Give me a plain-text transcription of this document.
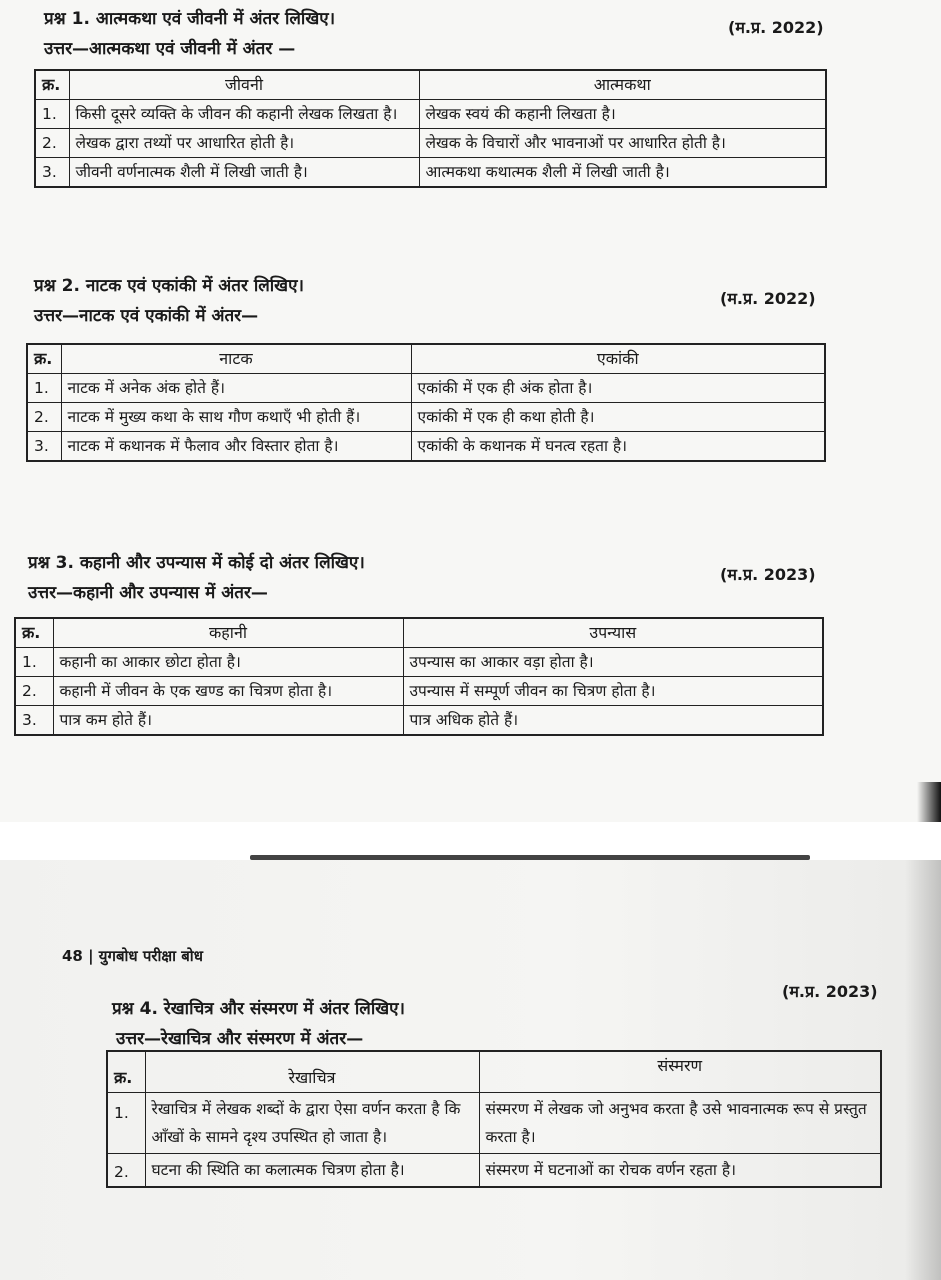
प्रश्न 1. आत्मकथा एवं जीवनी में अंतर लिखिए।	(म.प्र. 2022)
उत्तर—आत्मकथा एवं जीवनी में अंतर —
क्र.	जीवनी	आत्मकथा
1.	किसी दूसरे व्यक्ति के जीवन की कहानी लेखक लिखता है।	लेखक स्वयं की कहानी लिखता है।
2.	लेखक द्वारा तथ्यों पर आधारित होती है।	लेखक के विचारों और भावनाओं पर आधारित होती है।
3.	जीवनी वर्णनात्मक शैली में लिखी जाती है।	आत्मकथा कथात्मक शैली में लिखी जाती है।
प्रश्न 2. नाटक एवं एकांकी में अंतर लिखिए।
(म.प्र. 2022)
उत्तर—नाटक एवं एकांकी में अंतर—
क्र.	नाटक	एकांकी
1.	नाटक में अनेक अंक होते हैं।	एकांकी में एक ही अंक होता है।
2.	नाटक में मुख्य कथा के साथ गौण कथाएँ भी होती हैं।	एकांकी में एक ही कथा होती है।
3.	नाटक में कथानक में फैलाव और विस्तार होता है।	एकांकी के कथानक में घनत्व रहता है।
प्रश्न 3. कहानी और उपन्यास में कोई दो अंतर लिखिए।
(म.प्र. 2023)
उत्तर—कहानी और उपन्यास में अंतर—
क्र.	कहानी	उपन्यास
1.	कहानी का आकार छोटा होता है।	उपन्यास का आकार वड़ा होता है।
2.	कहानी में जीवन के एक खण्ड का चित्रण होता है।	उपन्यास में सम्पूर्ण जीवन का चित्रण होता है।
3.	पात्र कम होते हैं।	पात्र अधिक होते हैं।
48 | युगबोध परीक्षा बोध
(म.प्र. 2023)
प्रश्न 4. रेखाचित्र और संस्मरण में अंतर लिखिए।
उत्तर—रेखाचित्र और संस्मरण में अंतर—
क्र.	रेखाचित्र	संस्मरण
1.	रेखाचित्र में लेखक शब्दों के द्वारा ऐसा वर्णन करता है कि आँखों के सामने दृश्य उपस्थित हो जाता है।	संस्मरण में लेखक जो अनुभव करता है उसे भावनात्मक रूप से प्रस्तुत करता है।
2.	घटना की स्थिति का कलात्मक चित्रण होता है।	संस्मरण में घटनाओं का रोचक वर्णन रहता है।
